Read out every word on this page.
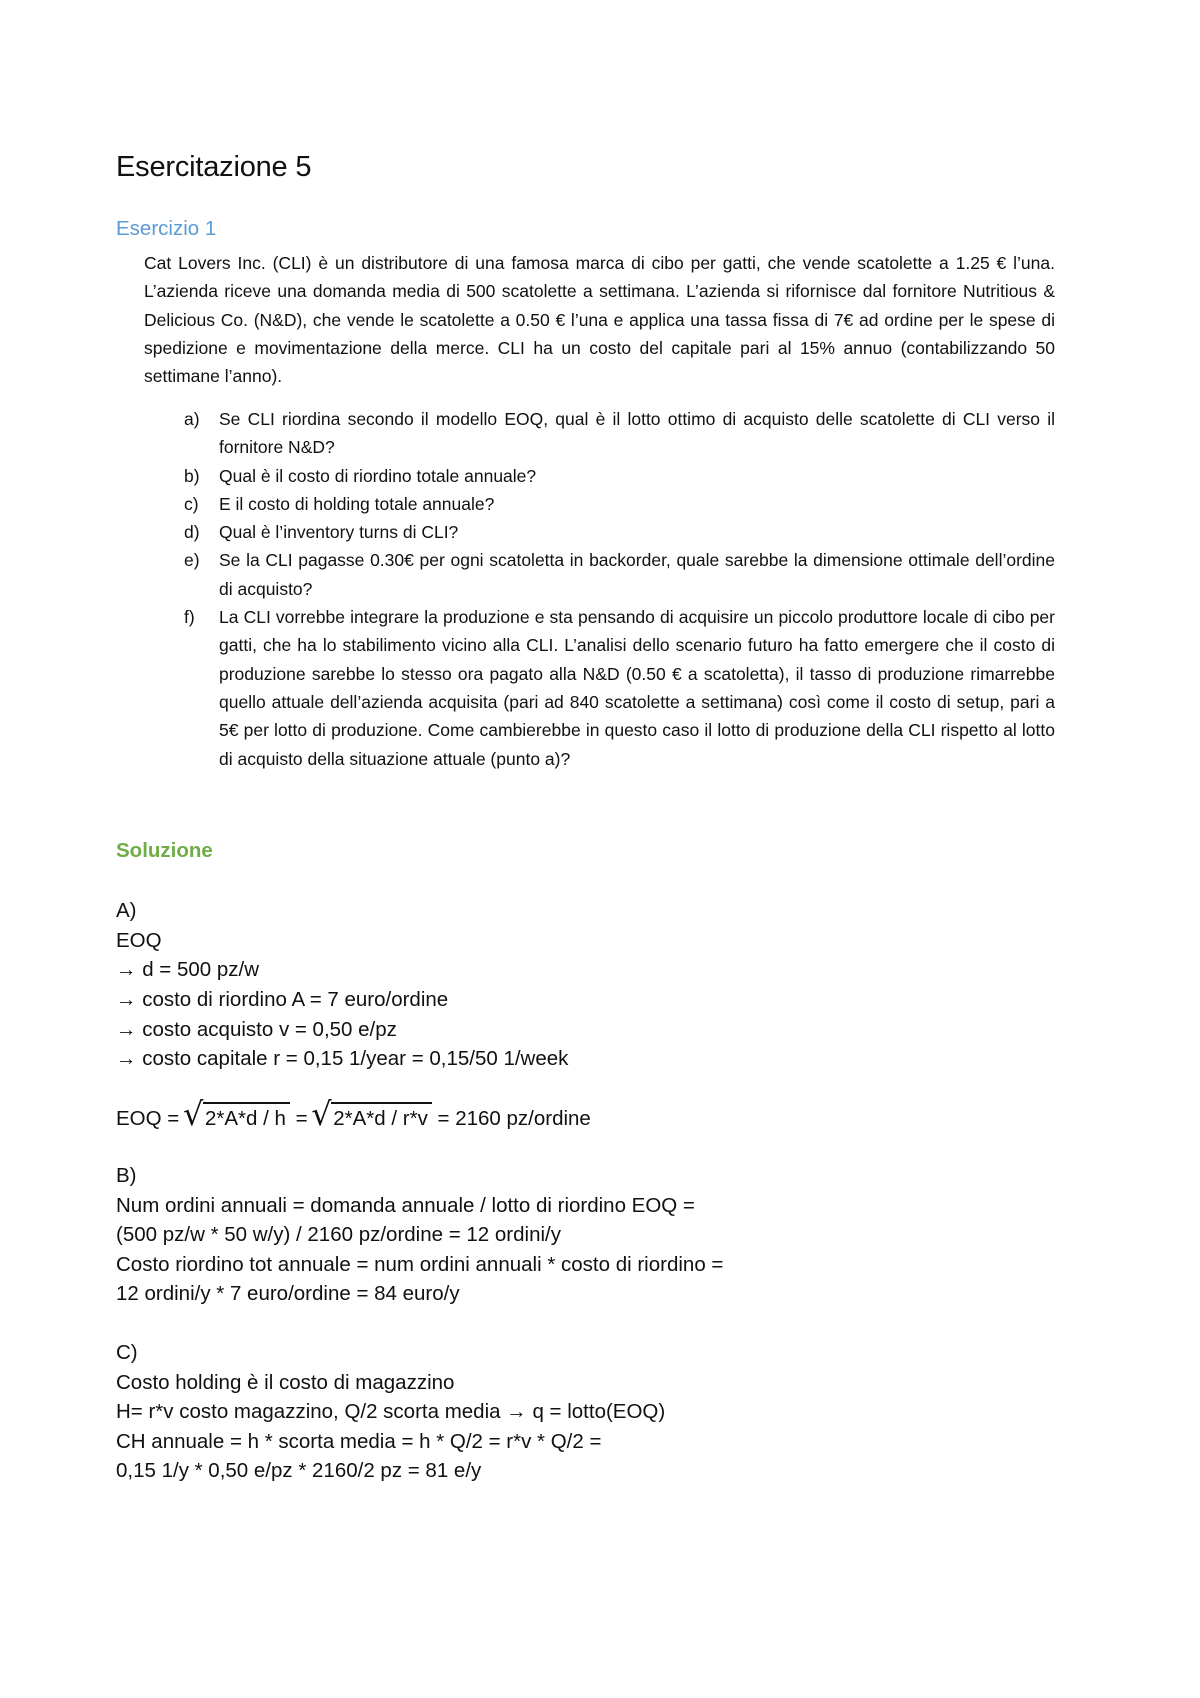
Esercitazione 5
Esercizio 1

Cat Lovers Inc. (CLI) è un distributore di una famosa marca di cibo per gatti, che vende scatolette a 1.25 € l’una. L’azienda riceve una domanda media di 500 scatolette a settimana. L’azienda si rifornisce dal fornitore Nutritious & Delicious Co. (N&D), che vende le scatolette a 0.50 € l’una e applica una tassa fissa di 7€ ad ordine per le spese di spedizione e movimentazione della merce. CLI ha un costo del capitale pari al 15% annuo (contabilizzando 50 settimane l’anno).

a) Se CLI riordina secondo il modello EOQ, qual è il lotto ottimo di acquisto delle scatolette di CLI verso il fornitore N&D?
b) Qual è il costo di riordino totale annuale?
c) E il costo di holding totale annuale?
d) Qual è l’inventory turns di CLI?
e) Se la CLI pagasse 0.30€ per ogni scatoletta in backorder, quale sarebbe la dimensione ottimale dell’ordine di acquisto?
f) La CLI vorrebbe integrare la produzione e sta pensando di acquisire un piccolo produttore locale di cibo per gatti, che ha lo stabilimento vicino alla CLI. L’analisi dello scenario futuro ha fatto emergere che il costo di produzione sarebbe lo stesso ora pagato alla N&D (0.50 € a scatoletta), il tasso di produzione rimarrebbe quello attuale dell’azienda acquisita (pari ad 840 scatolette a settimana) così come il costo di setup, pari a 5€ per lotto di produzione. Come cambierebbe in questo caso il lotto di produzione della CLI rispetto al lotto di acquisto della situazione attuale (punto a)?
Soluzione
A)
EOQ
→ d = 500 pz/w
→ costo di riordino A = 7 euro/ordine
→ costo acquisto v = 0,50 e/pz
→ costo capitale r = 0,15 1/year = 0,15/50 1/week
EOQ = √ 2*A*d / h = √ 2*A*d / r*v = 2160 pz/ordine
B)
Num ordini annuali = domanda annuale / lotto di riordino EOQ =
(500 pz/w * 50 w/y) / 2160 pz/ordine = 12 ordini/y
Costo riordino tot annuale = num ordini annuali * costo di riordino =
12 ordini/y * 7 euro/ordine = 84 euro/y
C)
Costo holding è il costo di magazzino
H= r*v costo magazzino, Q/2 scorta media → q = lotto(EOQ)
CH annuale = h * scorta media = h * Q/2 = r*v * Q/2 =
0,15 1/y * 0,50 e/pz * 2160/2 pz = 81 e/y
